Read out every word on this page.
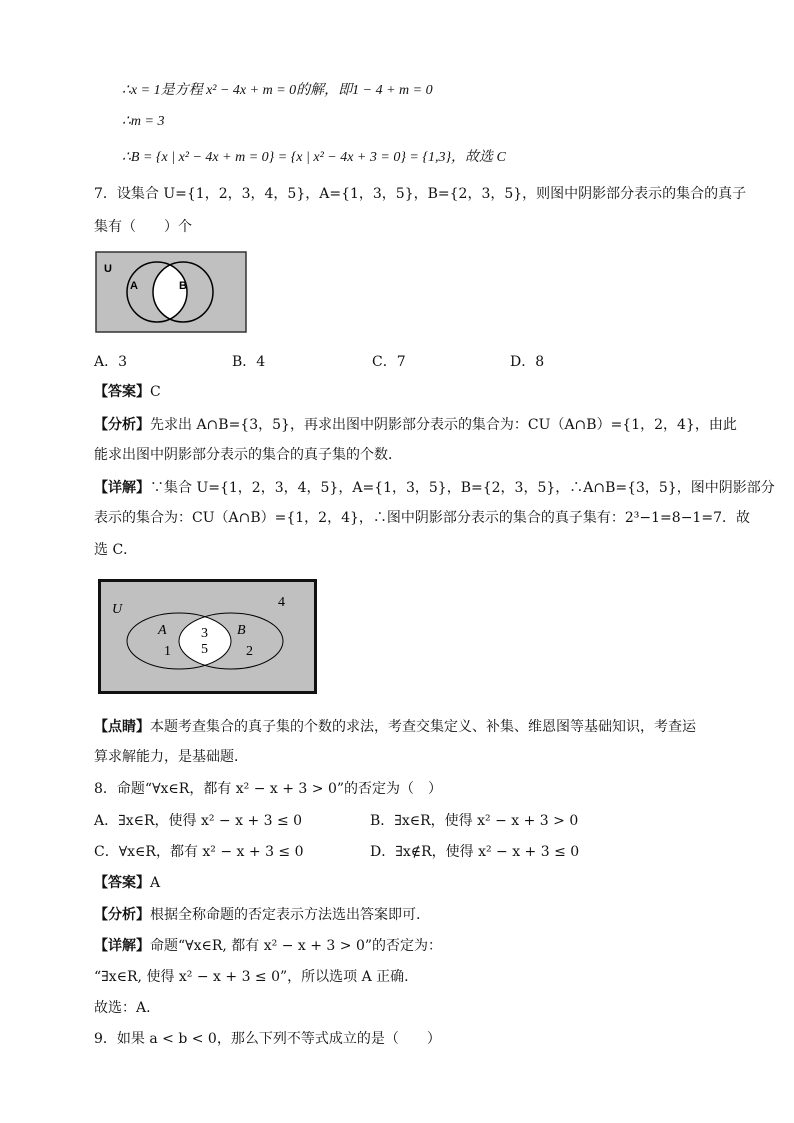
∴x = 1是方程 x² − 4x + m = 0的解，即1 − 4 + m = 0
∴m = 3
∴B = {x | x² − 4x + m = 0} = {x | x² − 4x + 3 = 0} = {1,3}，故选 C
7．设集合 U={1，2，3，4，5}，A={1，3，5}，B={2，3，5}，则图中阴影部分表示的集合的真子
集有（　　）个
U
A	B
A．3	B．4	C．7	D．8
【答案】C
【分析】先求出 A∩B={3，5}，再求出图中阴影部分表示的集合为：CU（A∩B）={1，2，4}，由此
能求出图中阴影部分表示的集合的真子集的个数．
【详解】∵集合 U={1，2，3，4，5}，A={1，3，5}，B={2，3，5}，∴A∩B={3，5}，图中阴影部分
表示的集合为：CU（A∩B）={1，2，4}，∴图中阴影部分表示的集合的真子集有：2³−1=8−1=7．故
选 C．
U
A	B
4
3
5
1	2
【点睛】本题考查集合的真子集的个数的求法，考查交集定义、补集、维恩图等基础知识，考查运
算求解能力，是基础题．
8．命题“∀x∈R，都有 x² − x + 3 > 0”的否定为（　）
A．∃x∈R，使得 x² − x + 3 ≤ 0	B．∃x∈R，使得 x² − x + 3 > 0
C．∀x∈R，都有 x² − x + 3 ≤ 0	D．∃x∉R，使得 x² − x + 3 ≤ 0
【答案】A
【分析】根据全称命题的否定表示方法选出答案即可.
【详解】命题“∀x∈R, 都有 x² − x + 3 > 0”的否定为：
“∃x∈R, 使得 x² − x + 3 ≤ 0”，所以选项 A 正确.
故选：A.
9．如果 a < b < 0，那么下列不等式成立的是（　　）
